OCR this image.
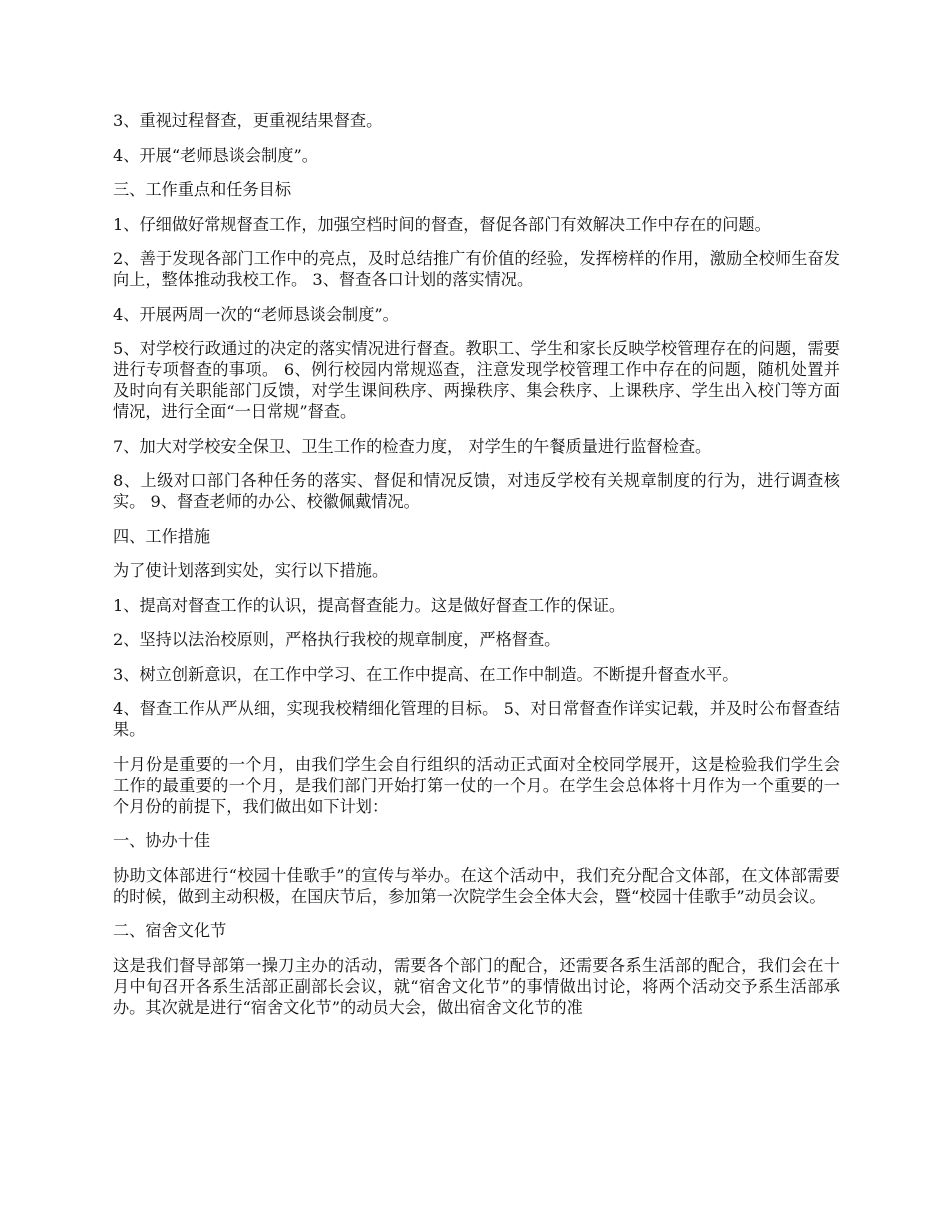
3、重视过程督查，更重视结果督查。

4、开展“老师恳谈会制度”。

三、工作重点和任务目标

1、仔细做好常规督查工作，加强空档时间的督查，督促各部门有效解决工作中存在的问题。

2、善于发现各部门工作中的亮点，及时总结推广有价值的经验，发挥榜样的作用，激励全校师生奋发向上，整体推动我校工作。 3、督查各口计划的落实情况。

4、开展两周一次的“老师恳谈会制度”。

5、对学校行政通过的决定的落实情况进行督查。教职工、学生和家长反映学校管理存在的问题，需要进行专项督查的事项。 6、例行校园内常规巡查，注意发现学校管理工作中存在的问题，随机处置并及时向有关职能部门反馈，对学生课间秩序、两操秩序、集会秩序、上课秩序、学生出入校门等方面情况，进行全面“一日常规”督查。

7、加大对学校安全保卫、卫生工作的检查力度， 对学生的午餐质量进行监督检查。

8、上级对口部门各种任务的落实、督促和情况反馈，对违反学校有关规章制度的行为，进行调查核实。 9、督查老师的办公、校徽佩戴情况。

四、工作措施

为了使计划落到实处，实行以下措施。

1、提高对督查工作的认识，提高督查能力。这是做好督查工作的保证。

2、坚持以法治校原则，严格执行我校的规章制度，严格督查。

3、树立创新意识，在工作中学习、在工作中提高、在工作中制造。不断提升督查水平。

4、督查工作从严从细，实现我校精细化管理的目标。 5、对日常督查作详实记载，并及时公布督查结果。

十月份是重要的一个月，由我们学生会自行组织的活动正式面对全校同学展开，这是检验我们学生会工作的最重要的一个月，是我们部门开始打第一仗的一个月。在学生会总体将十月作为一个重要的一个月份的前提下，我们做出如下计划：

一、协办十佳

协助文体部进行“校园十佳歌手”的宣传与举办。在这个活动中，我们充分配合文体部，在文体部需要的时候，做到主动积极，在国庆节后，参加第一次院学生会全体大会，暨“校园十佳歌手”动员会议。

二、宿舍文化节

这是我们督导部第一操刀主办的活动，需要各个部门的配合，还需要各系生活部的配合，我们会在十月中旬召开各系生活部正副部长会议，就“宿舍文化节”的事情做出讨论，将两个活动交予系生活部承办。其次就是进行“宿舍文化节”的动员大会，做出宿舍文化节的准
